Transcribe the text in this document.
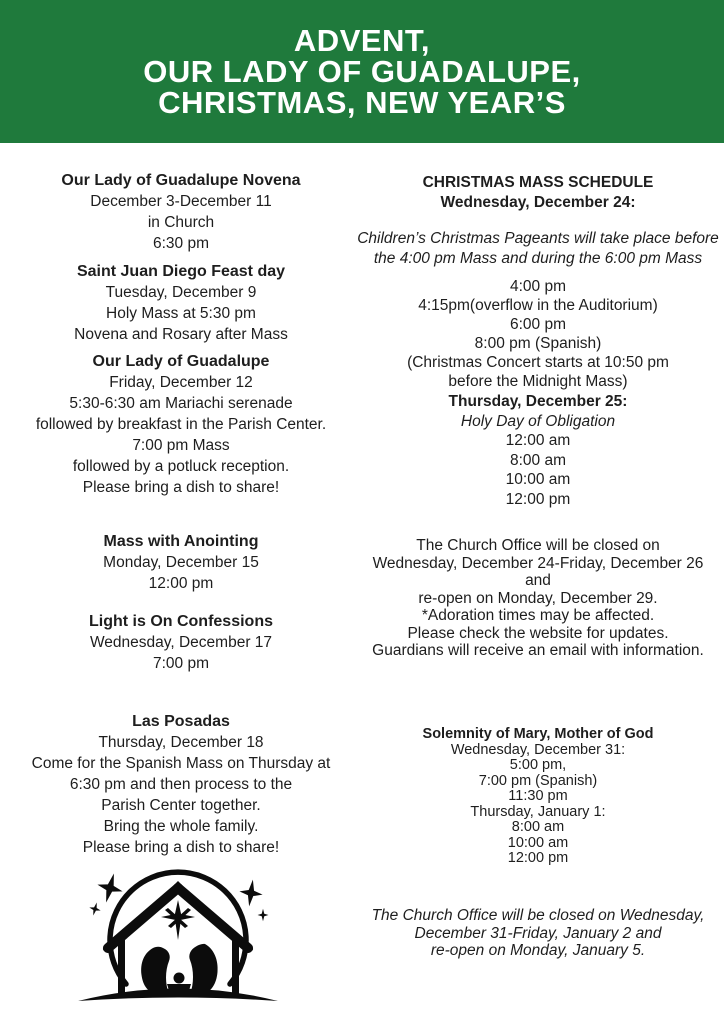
ADVENT,
OUR LADY OF GUADALUPE,
CHRISTMAS, NEW YEAR’S
Our Lady of Guadalupe Novena
December 3-December 11
in Church
6:30 pm
Saint Juan Diego Feast day
Tuesday, December 9
Holy Mass at 5:30 pm
Novena and Rosary after Mass
Our Lady of Guadalupe
Friday, December 12
5:30-6:30 am Mariachi serenade
followed by breakfast in the Parish Center.
7:00 pm Mass
followed by a potluck reception.
Please bring a dish to share!
Mass with Anointing
Monday, December 15
12:00 pm
Light is On Confessions
Wednesday, December 17
7:00 pm
Las Posadas
Thursday, December 18
Come for the Spanish Mass on Thursday at
6:30 pm and then process to the
Parish Center together.
Bring the whole family.
Please bring a dish to share!
CHRISTMAS MASS SCHEDULE
Wednesday, December 24:
Children’s Christmas Pageants will take place before
the 4:00 pm Mass and during the 6:00 pm Mass
4:00 pm
4:15pm(overflow in the Auditorium)
6:00 pm
8:00 pm (Spanish)
(Christmas Concert starts at 10:50 pm
before the Midnight Mass)
Thursday, December 25:
Holy Day of Obligation
12:00 am
8:00 am
10:00 am
12:00 pm
The Church Office will be closed on
Wednesday, December 24-Friday, December 26
and
re-open on Monday, December 29.
*Adoration times may be affected.
Please check the website for updates.
Guardians will receive an email with information.
Solemnity of Mary, Mother of God
Wednesday, December 31:
5:00 pm,
7:00 pm (Spanish)
11:30 pm
Thursday, January 1:
8:00 am
10:00 am
12:00 pm
The Church Office will be closed on Wednesday,
December 31-Friday, January 2 and
re-open on Monday, January 5.
